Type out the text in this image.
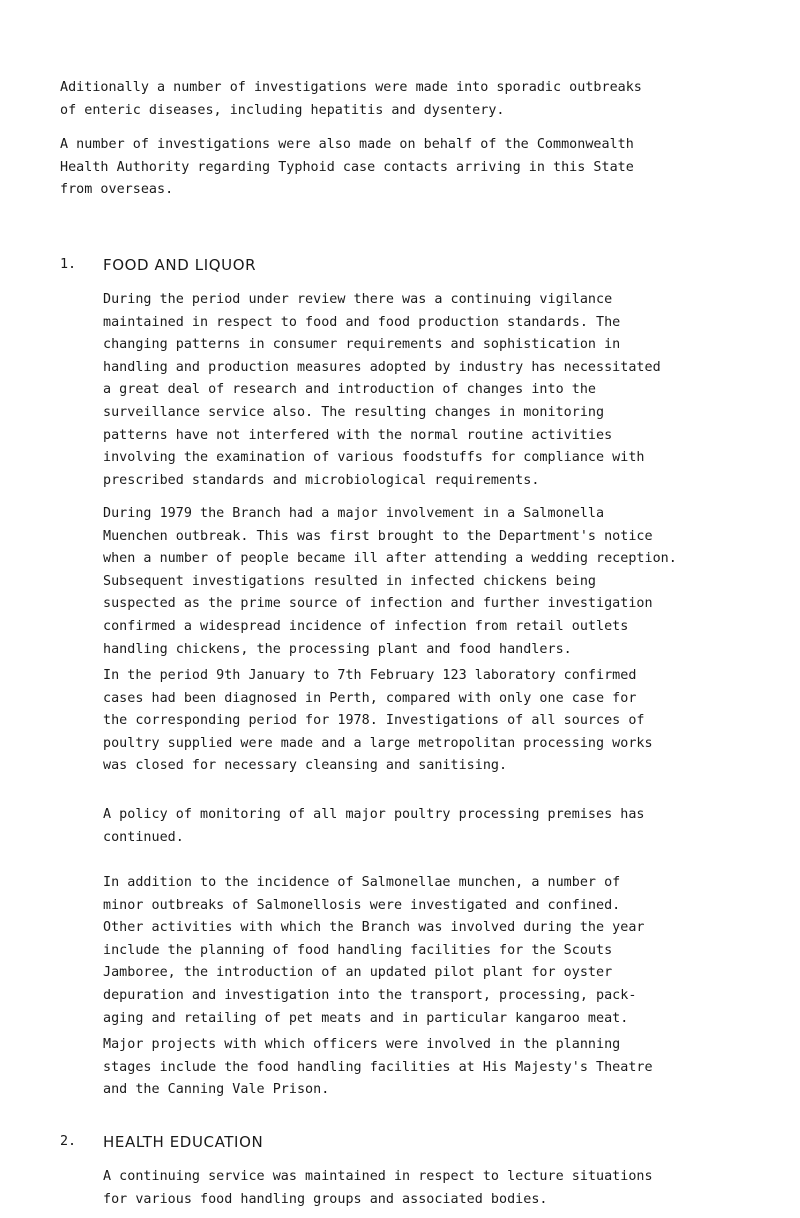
Aditionally a number of investigations were made into sporadic outbreaks
of enteric diseases, including hepatitis and dysentery.
A number of investigations were also made on behalf of the Commonwealth
Health Authority regarding Typhoid case contacts arriving in this State
from overseas.
1. FOOD AND LIQUOR
During the period under review there was a continuing vigilance
maintained in respect to food and food production standards. The
changing patterns in consumer requirements and sophistication in
handling and production measures adopted by industry has necessitated
a great deal of research and introduction of changes into the
surveillance service also. The resulting changes in monitoring
patterns have not interfered with the normal routine activities
involving the examination of various foodstuffs for compliance with
prescribed standards and microbiological requirements.
During 1979 the Branch had a major involvement in a Salmonella
Muenchen outbreak. This was first brought to the Department's notice
when a number of people became ill after attending a wedding reception.
Subsequent investigations resulted in infected chickens being
suspected as the prime source of infection and further investigation
confirmed a widespread incidence of infection from retail outlets
handling chickens, the processing plant and food handlers.
In the period 9th January to 7th February 123 laboratory confirmed
cases had been diagnosed in Perth, compared with only one case for
the corresponding period for 1978. Investigations of all sources of
poultry supplied were made and a large metropolitan processing works
was closed for necessary cleansing and sanitising.
A policy of monitoring of all major poultry processing premises has
continued.
In addition to the incidence of Salmonellae munchen, a number of
minor outbreaks of Salmonellosis were investigated and confined.
Other activities with which the Branch was involved during the year
include the planning of food handling facilities for the Scouts
Jamboree, the introduction of an updated pilot plant for oyster
depuration and investigation into the transport, processing, pack-
aging and retailing of pet meats and in particular kangaroo meat.
Major projects with which officers were involved in the planning
stages include the food handling facilities at His Majesty's Theatre
and the Canning Vale Prison.
2. HEALTH EDUCATION
A continuing service was maintained in respect to lecture situations
for various food handling groups and associated bodies.
